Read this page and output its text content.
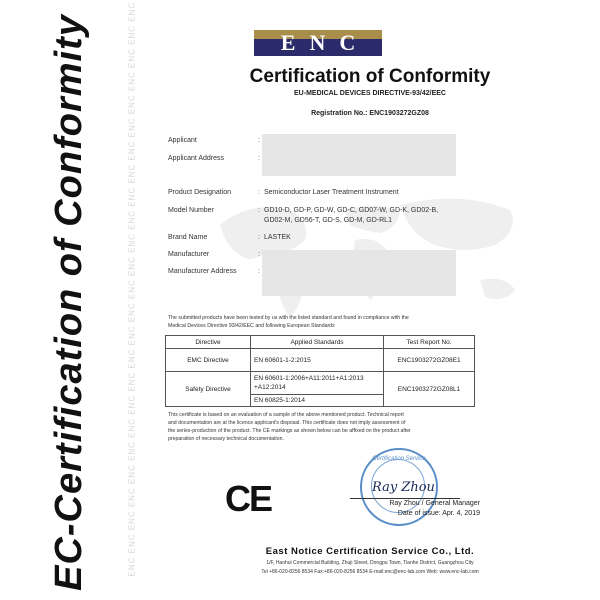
EC-Certification of Conformity	ENC ENC ENC ENC ENC ENC ENC ENC ENC ENC ENC ENC ENC ENC ENC ENC ENC ENC ENC ENC ENC ENC ENC ENC ENC	ENC
Certification of Conformity
EU-MEDICAL DEVICES DIRECTIVE-93/42/EEC
Registration No.: ENC1903272GZ08
Applicant	:
Applicant Address	:
Product Designation	: Semiconductor Laser Treatment Instrument
Model Number	: GD10-D, GD-P, GD-W, GD-C, GD07-W, GD-K, GD02-B,
GD02-M, GD56-T, GD-S, GD-M, GD-RL1
Brand Name	: LASTEK
Manufacturer	:
Manufacturer Address	:
The submitted products have been tested by us with the listed standard and found in compliance with the
Medical Devices Directive 93/42/EEC and following European Standards
Directive	Applied Standards	Test Report No.
EMC Directive	EN 60601-1-2:2015	ENC1903272GZ08E1
Safety Directive	EN 60601-1:2006+A11:2011+A1:2013 +A12:2014	ENC1903272GZ08L1
	EN 60825-1:2014	
This certificate is based on an evaluation of a sample of the above mentioned product. Technical report
and documentation are at the licence applicant's disposal. This certificate does not imply assessment of
the series-production of the product. The CE markings as shown below can be affixed on the product after
preparation of necessary technical documentation.
CE
Certification Service
Ray Zhou
Ray Zhou / General Manager
Date of issue: Apr. 4, 2019
East Notice Certification Service Co., Ltd.
1/F, Haohui Commercial Building, Zhuji Street, Dongpu Town, Tianhe District, Guangzhou City
Tel +86-020-8256 8534 Fax:+86-020-8256 8534 E-mail:enc@enc-lab.com Web: www.enc-lab.com
